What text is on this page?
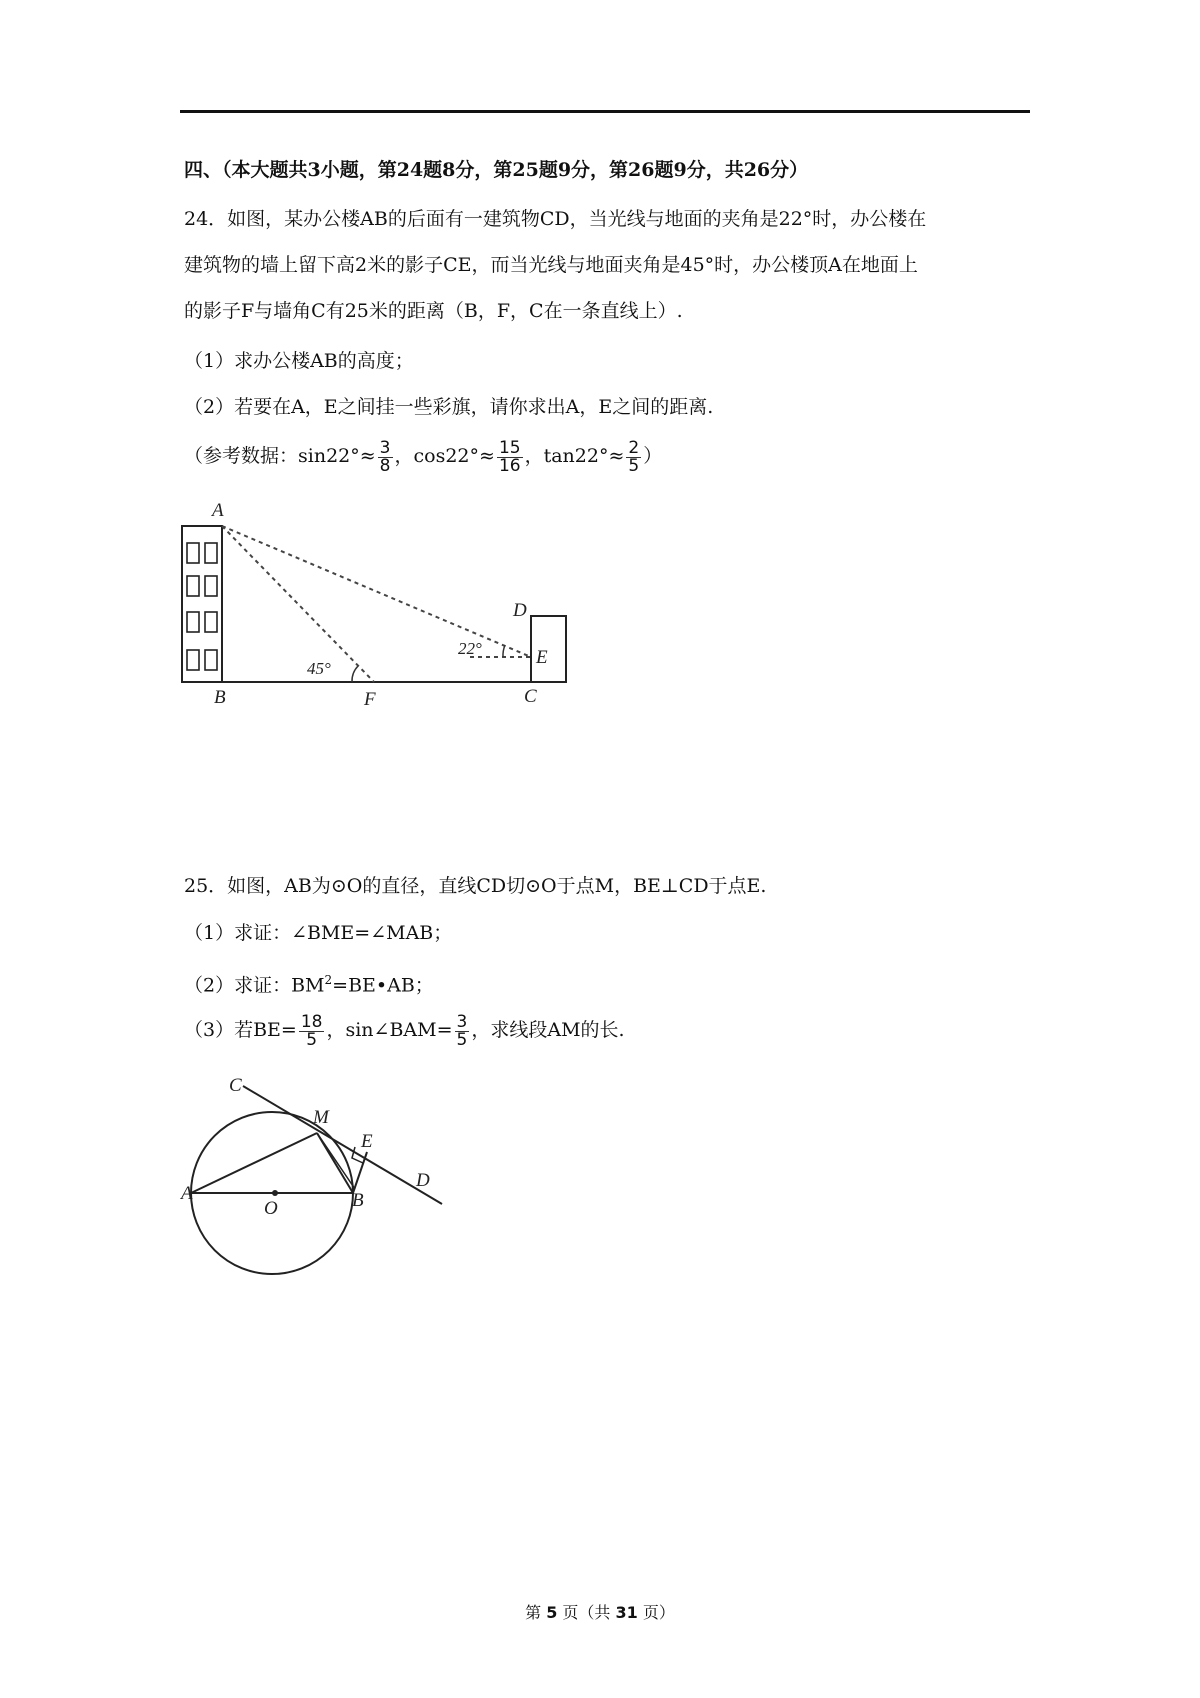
四、（本大题共3小题，第24题8分，第25题9分，第26题9分，共26分）
24．如图，某办公楼AB的后面有一建筑物CD，当光线与地面的夹角是22°时，办公楼在
建筑物的墙上留下高2米的影子CE，而当光线与地面夹角是45°时，办公楼顶A在地面上
的影子F与墙角C有25米的距离（B，F，C在一条直线上）.
（1）求办公楼AB的高度；
（2）若要在A，E之间挂一些彩旗，请你求出A，E之间的距离.
（参考数据：$\sin 22^\circ\approx \frac{3}{8}$ ，$\cos 22^\circ\approx \frac{15}{16}$ ，$\tan 22^\circ\approx \frac{2}{5}$ ）
A
B	F	C
D
E
45°
22°
25．如图，AB为⊙O的直径，直线CD切⊙O于点M，BE⊥CD于点E.
（1）求证：∠BME=∠MAB；
（2）求证：$BM^2=BE•AB$；
（3）若$BE= \frac{18}{5}$ ，sin∠BAM= $\frac{3}{5}$ ，求线段AM的长.
C
M
E
D
A	B
O
第 5 页（共 31 页）
